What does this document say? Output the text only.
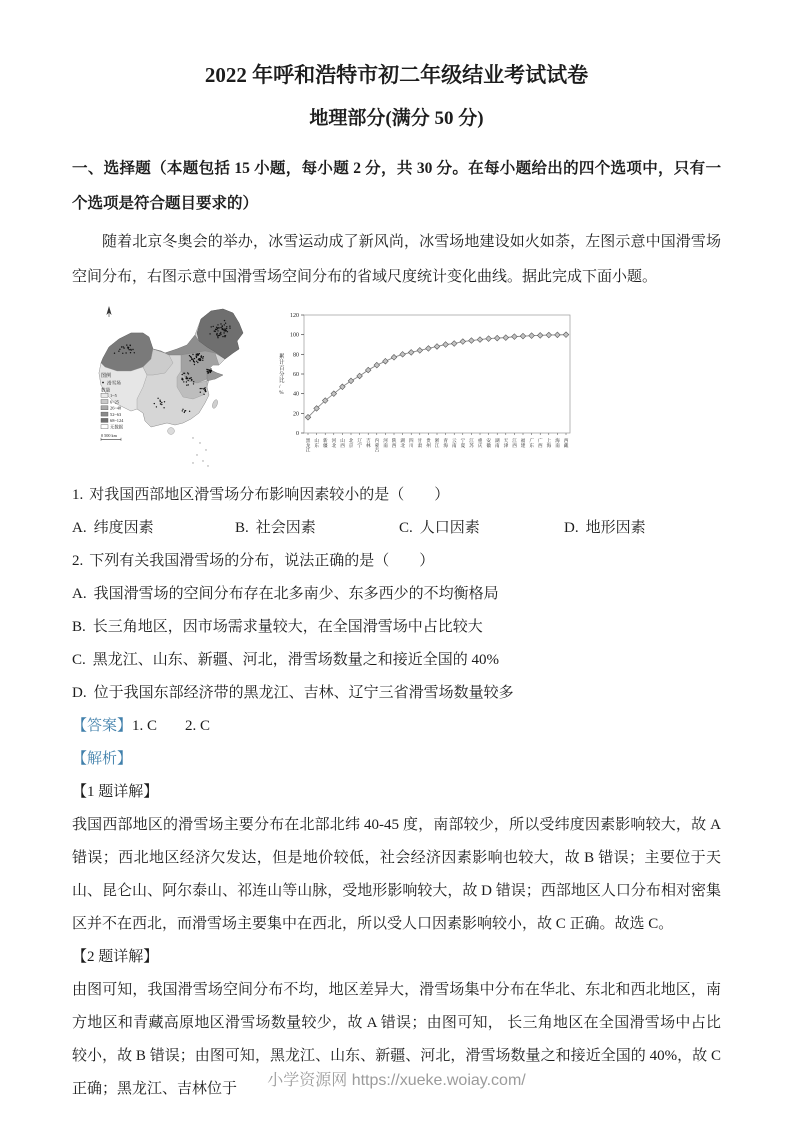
2022 年呼和浩特市初二年级结业考试试卷
地理部分(满分 50 分)

一、选择题（本题包括 15 小题，每小题 2 分，共 30 分。在每小题给出的四个选项中，只有一个选项是符合题目要求的）

随着北京冬奥会的举办，冰雪运动成了新风尚，冰雪场地建设如火如荼，左图示意中国滑雪场空间分布，右图示意中国滑雪场空间分布的省域尺度统计变化曲线。据此完成下面小题。

图例
滑雪场
数量
1~5
6~25
26~48
52~63
68~124
无数据
0 500 km	0
20
40
60
80
100
120
累计百分比/ %
黑龙江
山东
新疆
河北
山西
北京
辽宁
吉林
内蒙古
河南
陕西
湖北
四川
甘肃
贵州
浙江
青海
云南
宁夏
江苏
重庆
安徽
湖南
天津
江西
福建
广东
广西
上海
海南
西藏

1. 对我国西部地区滑雪场分布影响因素较小的是（　　）

A. 纬度因素	B. 社会因素	C. 人口因素	D. 地形因素

2. 下列有关我国滑雪场的分布，说法正确的是（　　）

A. 我国滑雪场的空间分布存在北多南少、东多西少的不均衡格局

B. 长三角地区，因市场需求量较大，在全国滑雪场中占比较大

C. 黑龙江、山东、新疆、河北，滑雪场数量之和接近全国的 40%

D. 位于我国东部经济带的黑龙江、吉林、辽宁三省滑雪场数量较多

【答案】 1. C 2. C

【解析】

【1 题详解】

我国西部地区的滑雪场主要分布在北部北纬 40-45 度，南部较少，所以受纬度因素影响较大，故 A 错误；西北地区经济欠发达，但是地价较低，社会经济因素影响也较大，故 B 错误；主要位于天山、昆仑山、阿尔泰山、祁连山等山脉，受地形影响较大，故 D 错误；西部地区人口分布相对密集区并不在西北，而滑雪场主要集中在西北，所以受人口因素影响较小，故 C 正确。故选 C。

【2 题详解】

由图可知，我国滑雪场空间分布不均，地区差异大，滑雪场集中分布在华北、东北和西北地区，南方地区和青藏高原地区滑雪场数量较少，故 A 错误；由图可知， 长三角地区在全国滑雪场中占比较小，故 B 错误；由图可知，黑龙江、山东、新疆、河北，滑雪场数量之和接近全国的 40%，故 C 正确；黑龙江、吉林位于	小学资源网 https://xueke.woiay.com/
